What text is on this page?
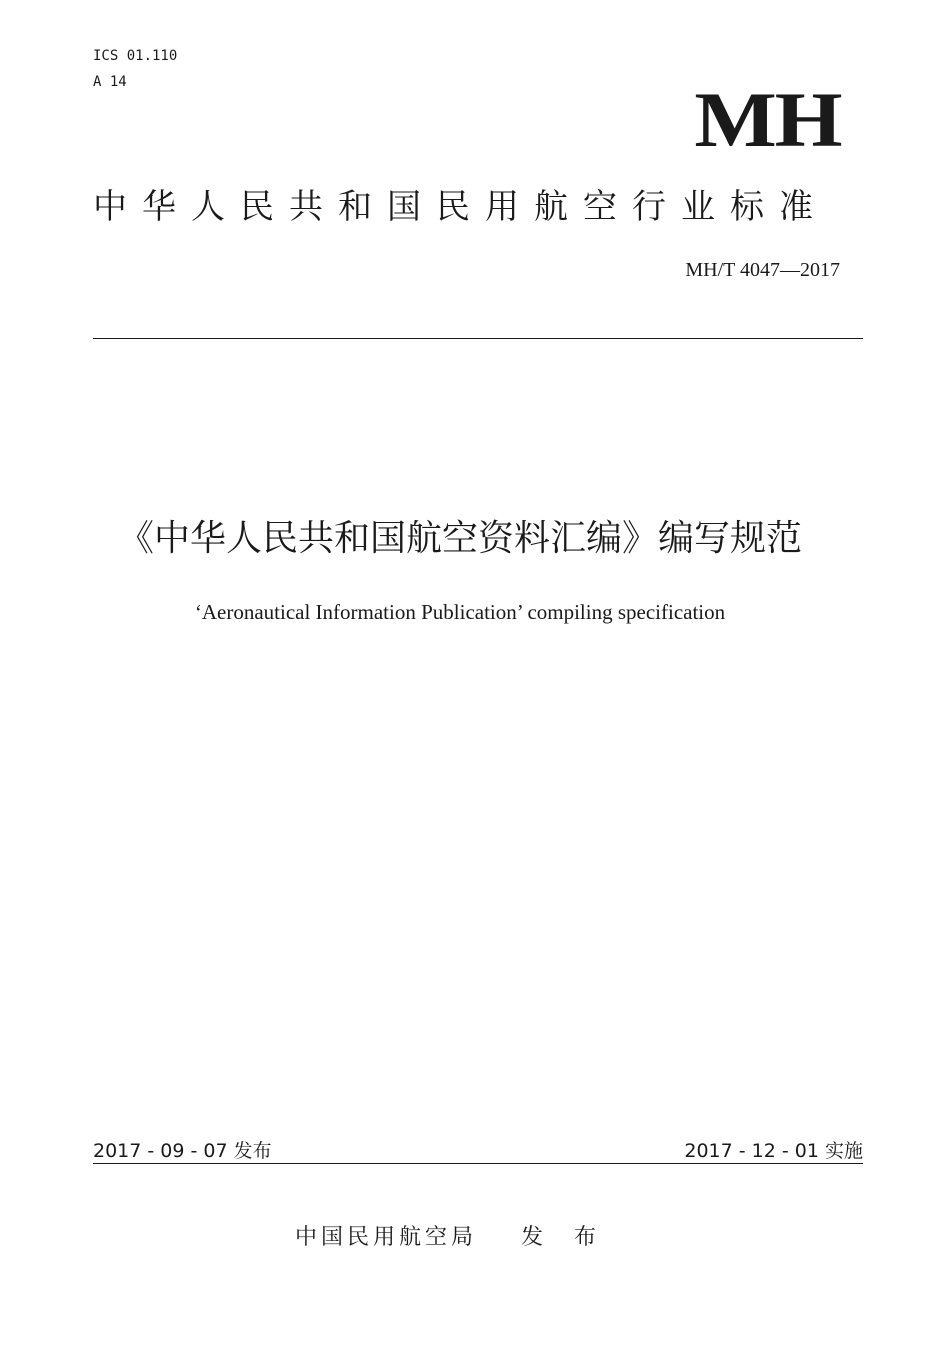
ICS 01.110
A 14	MH
中华人民共和国民用航空行业标准
MH/T 4047—2017
《中华人民共和国航空资料汇编》编写规范
‘Aeronautical Information Publication’ compiling specification
2017 - 09 - 07 发布	2017 - 12 - 01 实施
中国民用航空局 发 布
